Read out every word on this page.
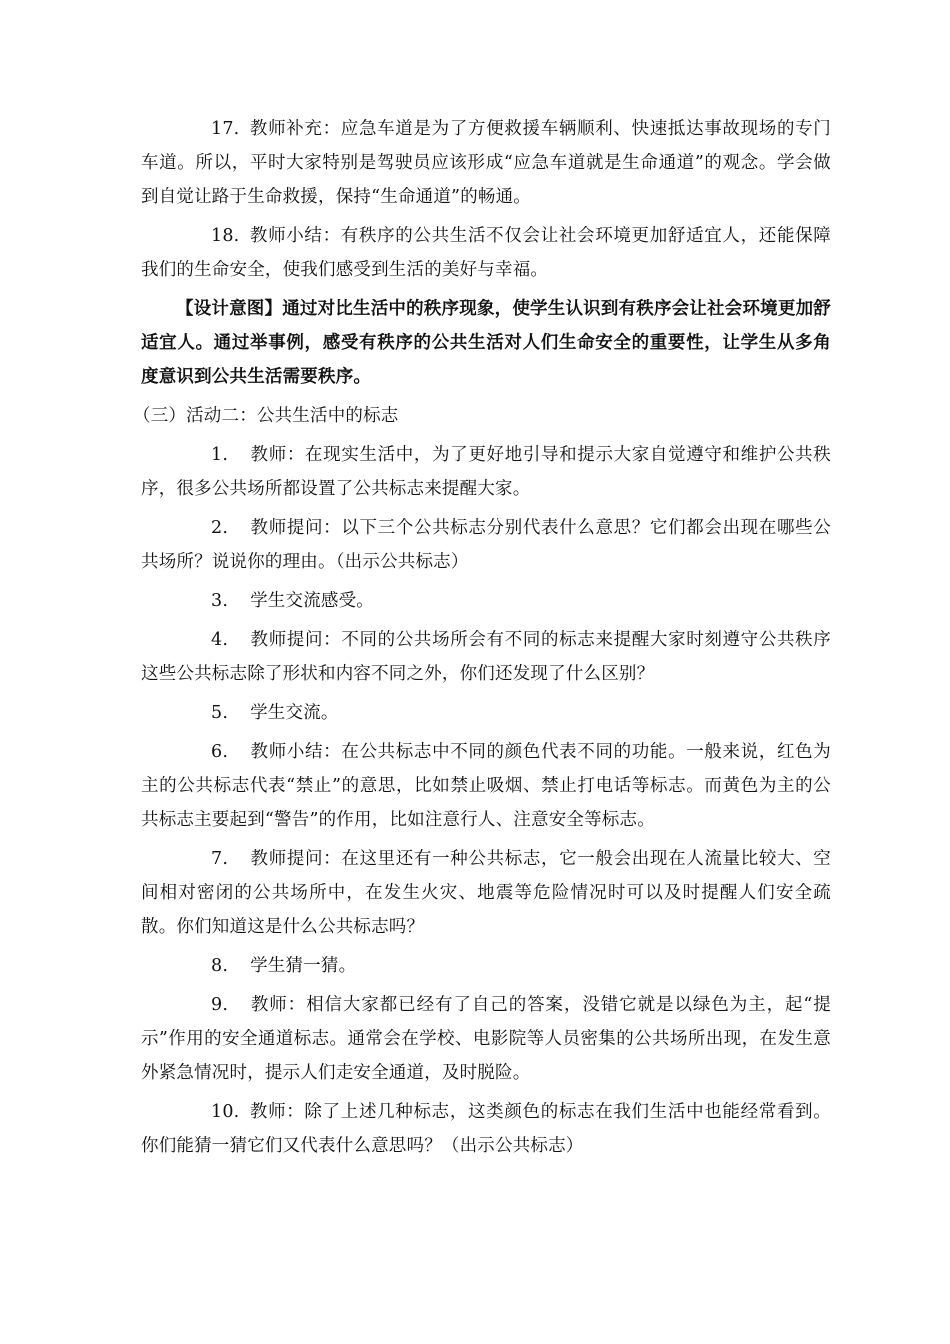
17. 教师补充：应急车道是为了方便救援车辆顺利、快速抵达事故现场的专门车道。所以，平时大家特别是驾驶员应该形成“应急车道就是生命通道”的观念。学会做到自觉让路于生命救援，保持“生命通道”的畅通。

18. 教师小结：有秩序的公共生活不仅会让社会环境更加舒适宜人，还能保障我们的生命安全，使我们感受到生活的美好与幸福。

【设计意图】通过对比生活中的秩序现象，使学生认识到有秩序会让社会环境更加舒适宜人。通过举事例，感受有秩序的公共生活对人们生命安全的重要性，让学生从多角度意识到公共生活需要秩序。

（三）活动二：公共生活中的标志

1. 教师：在现实生活中，为了更好地引导和提示大家自觉遵守和维护公共秩序，很多公共场所都设置了公共标志来提醒大家。

2. 教师提问：以下三个公共标志分别代表什么意思？它们都会出现在哪些公共场所？说说你的理由。（出示公共标志）

3. 学生交流感受。

4. 教师提问：不同的公共场所会有不同的标志来提醒大家时刻遵守公共秩序这些公共标志除了形状和内容不同之外，你们还发现了什么区别？

5. 学生交流。

6. 教师小结：在公共标志中不同的颜色代表不同的功能。一般来说，红色为主的公共标志代表“禁止”的意思，比如禁止吸烟、禁止打电话等标志。而黄色为主的公共标志主要起到“警告”的作用，比如注意行人、注意安全等标志。

7. 教师提问：在这里还有一种公共标志，它一般会出现在人流量比较大、空间相对密闭的公共场所中，在发生火灾、地震等危险情况时可以及时提醒人们安全疏散。你们知道这是什么公共标志吗？

8. 学生猜一猜。

9. 教师：相信大家都已经有了自己的答案，没错它就是以绿色为主，起“提示”作用的安全通道标志。通常会在学校、电影院等人员密集的公共场所出现，在发生意外紧急情况时，提示人们走安全通道，及时脱险。

10. 教师：除了上述几种标志，这类颜色的标志在我们生活中也能经常看到。你们能猜一猜它们又代表什么意思吗？（出示公共标志）
